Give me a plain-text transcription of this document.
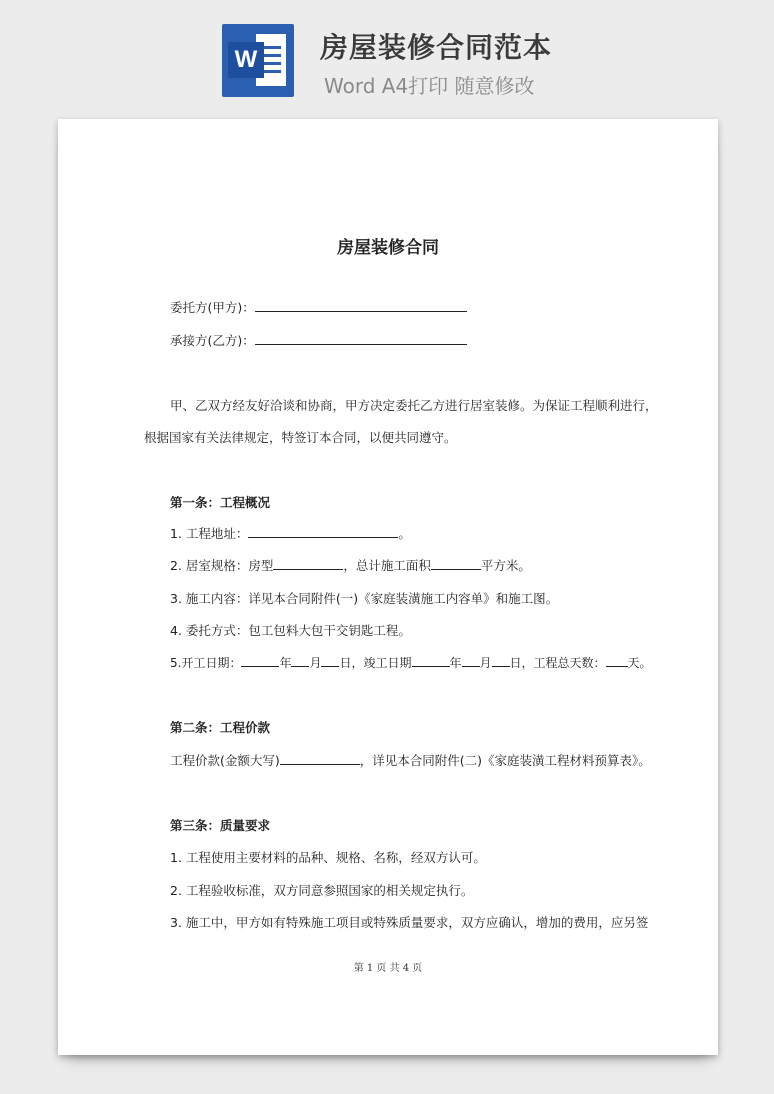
W 房屋装修合同范本
Word A4打印 随意修改

房屋装修合同
委托方(甲方)：
承接方(乙方)：
甲、乙双方经友好洽谈和协商，甲方决定委托乙方进行居室装修。为保证工程顺利进行，
根据国家有关法律规定，特签订本合同，以便共同遵守。
第一条：工程概况
1. 工程地址：	。
2. 居室规格：房型	，总计施工面积	平方米。
3. 施工内容：详见本合同附件(一)《家庭装潢施工内容单》和施工图。
4. 委托方式：包工包料大包干交钥匙工程。
5.开工日期：	年 月 日，竣工日期	年 月 日，工程总天数： 天。
第二条：工程价款
工程价款(金额大写)	，详见本合同附件(二)《家庭装潢工程材料预算表》。
第三条：质量要求
1. 工程使用主要材料的品种、规格、名称，经双方认可。
2. 工程验收标准，双方同意参照国家的相关规定执行。
3. 施工中，甲方如有特殊施工项目或特殊质量要求，双方应确认，增加的费用，应另签
第 1 页 共 4 页
